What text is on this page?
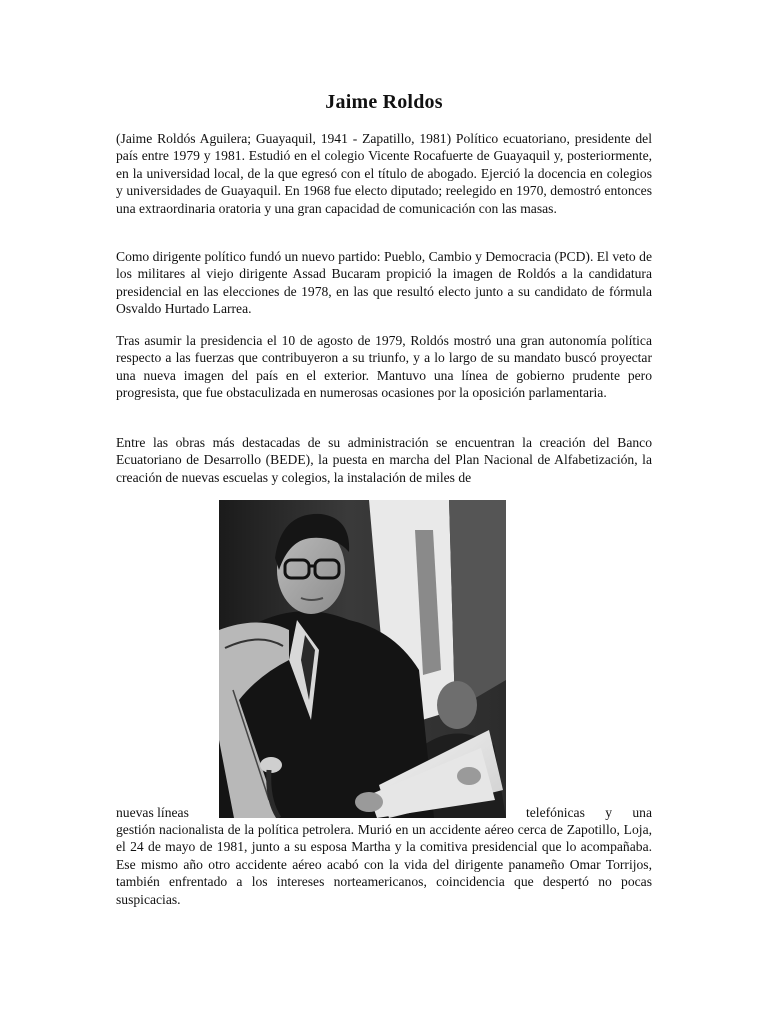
Jaime Roldos

(Jaime Roldós Aguilera; Guayaquil, 1941 - Zapatillo, 1981) Político ecuatoriano, presidente del país entre 1979 y 1981. Estudió en el colegio Vicente Rocafuerte de Guayaquil y, posteriormente, en la universidad local, de la que egresó con el título de abogado. Ejerció la docencia en colegios y universidades de Guayaquil. En 1968 fue electo diputado; reelegido en 1970, demostró entonces una extraordinaria oratoria y una gran capacidad de comunicación con las masas.

Como dirigente político fundó un nuevo partido: Pueblo, Cambio y Democracia (PCD). El veto de los militares al viejo dirigente Assad Bucaram propició la imagen de Roldós a la candidatura presidencial en las elecciones de 1978, en las que resultó electo junto a su candidato de fórmula Osvaldo Hurtado Larrea.

Tras asumir la presidencia el 10 de agosto de 1979, Roldós mostró una gran autonomía política respecto a las fuerzas que contribuyeron a su triunfo, y a lo largo de su mandato buscó proyectar una nueva imagen del país en el exterior. Mantuvo una línea de gobierno prudente pero progresista, que fue obstaculizada en numerosas ocasiones por la oposición parlamentaria.

Entre las obras más destacadas de su administración se encuentran la creación del Banco Ecuatoriano de Desarrollo (BEDE), la puesta en marcha del Plan Nacional de Alfabetización, la creación de nuevas escuelas y colegios, la instalación de miles de

nuevas líneas	telefónicas y una

gestión nacionalista de la política petrolera. Murió en un accidente aéreo cerca de Zapotillo, Loja, el 24 de mayo de 1981, junto a su esposa Martha y la comitiva presidencial que lo acompañaba. Ese mismo año otro accidente aéreo acabó con la vida del dirigente panameño Omar Torrijos, también enfrentado a los intereses norteamericanos, coincidencia que despertó no pocas suspicacias.
